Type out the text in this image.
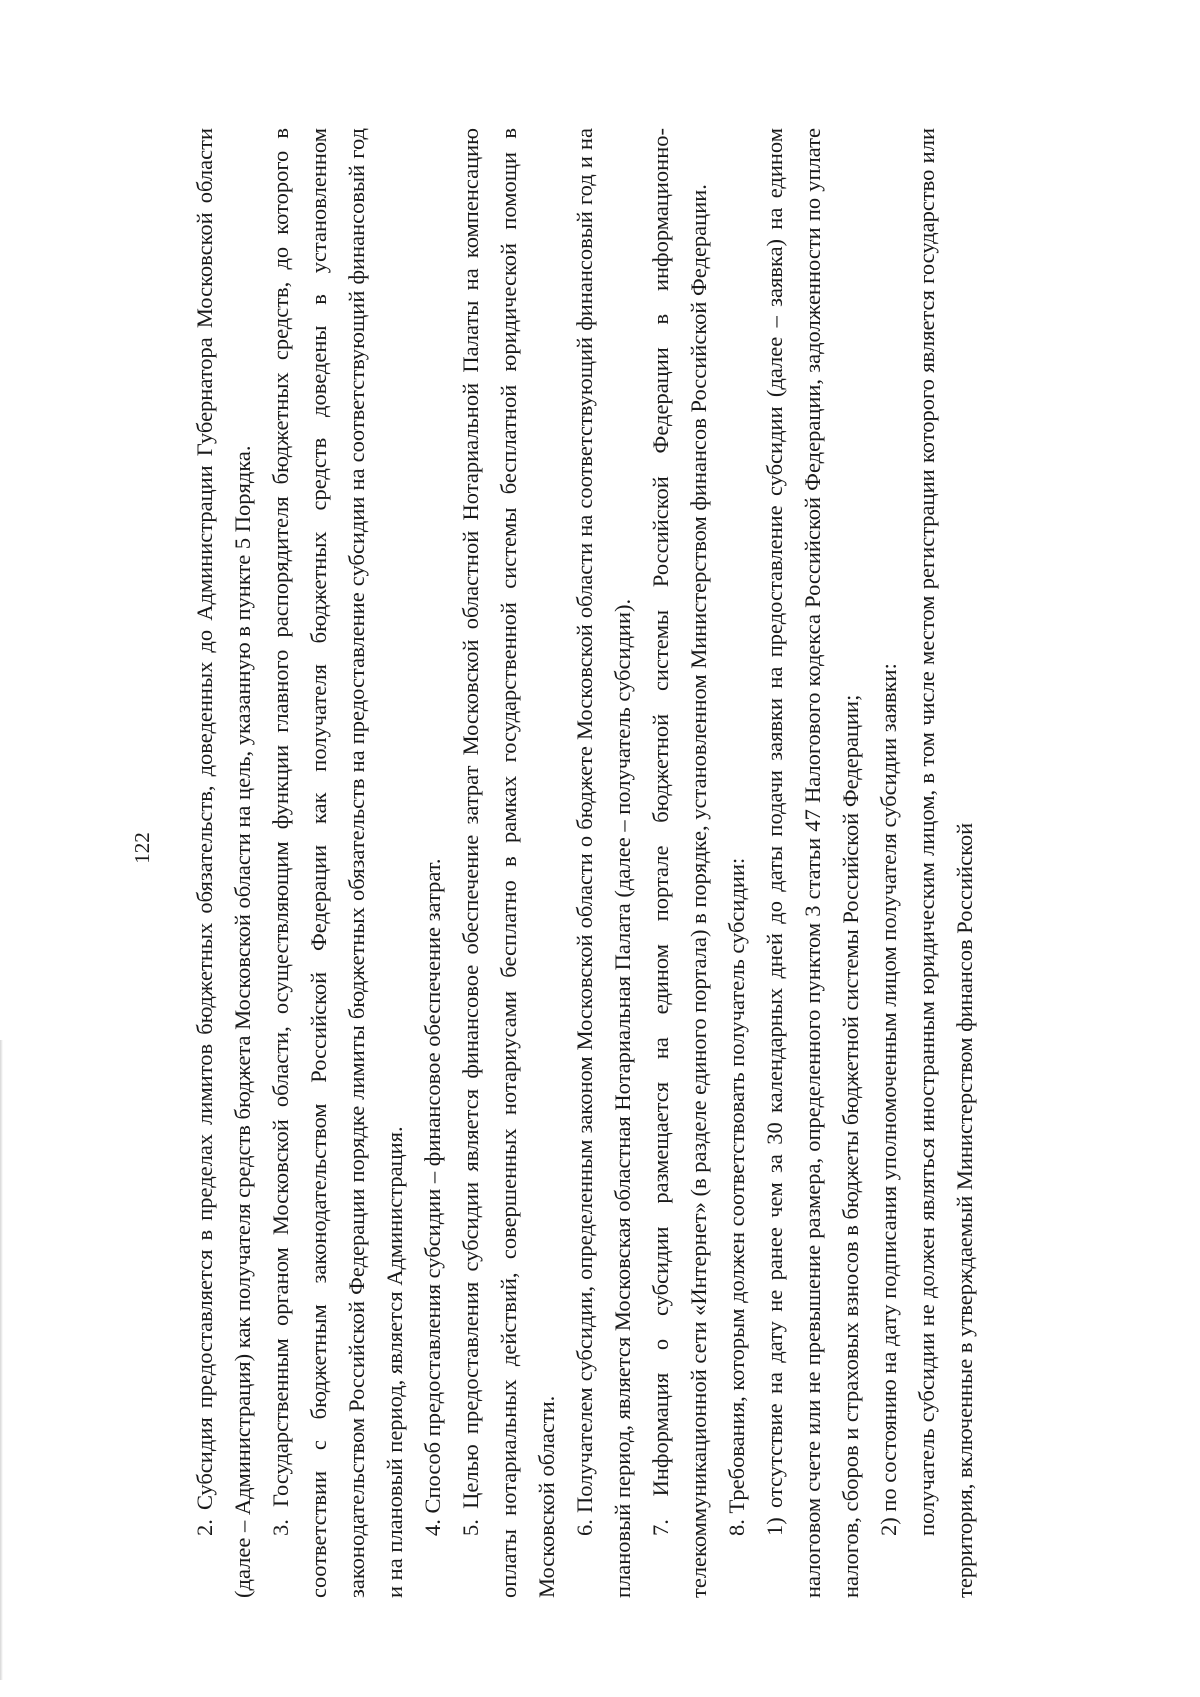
122 2. Субсидия предоставляется в пределах лимитов бюджетных обязательств, доведенных до Администрации Губернатора Московской области (далее – Администрация) как получателя средств бюджета Московской области на цель, указанную в пункте 5 Порядка. 3. Государственным органом Московской области, осуществляющим функции главного распорядителя бюджетных средств, до которого в соответствии с бюджетным законодательством Российской Федерации как получателя бюджетных средств доведены в установленном законодательством Российской Федерации порядке лимиты бюджетных обязательств на предоставление субсидии на соответствующий финансовый год и на плановый период, является Администрация. 4. Способ предоставления субсидии – финансовое обеспечение затрат. 5. Целью предоставления субсидии является финансовое обеспечение затрат Московской областной Нотариальной Палаты на компенсацию оплаты нотариальных действий, совершенных нотариусами бесплатно в рамках государственной системы бесплатной юридической помощи в Московской области. 6. Получателем субсидии, определенным законом Московской области о бюджете Московской области на соответствующий финансовый год и на плановый период, является Московская областная Нотариальная Палата (далее – получатель субсидии). 7. Информация о субсидии размещается на едином портале бюджетной системы Российской Федерации в информационно-телекоммуникационной сети «Интернет» (в разделе единого портала) в порядке, установленном Министерством финансов Российской Федерации. 8. Требования, которым должен соответствовать получатель субсидии: 1) отсутствие на дату не ранее чем за 30 календарных дней до даты подачи заявки на предоставление субсидии (далее – заявка) на едином налоговом счете или не превышение размера, определенного пунктом 3 статьи 47 Налогового кодекса Российской Федерации, задолженности по уплате налогов, сборов и страховых взносов в бюджеты бюджетной системы Российской Федерации; 2) по состоянию на дату подписания уполномоченным лицом получателя субсидии заявки: получатель субсидии не должен являться иностранным юридическим лицом, в том числе местом регистрации которого является государство или территория, включенные в утверждаемый Министерством финансов Российской
